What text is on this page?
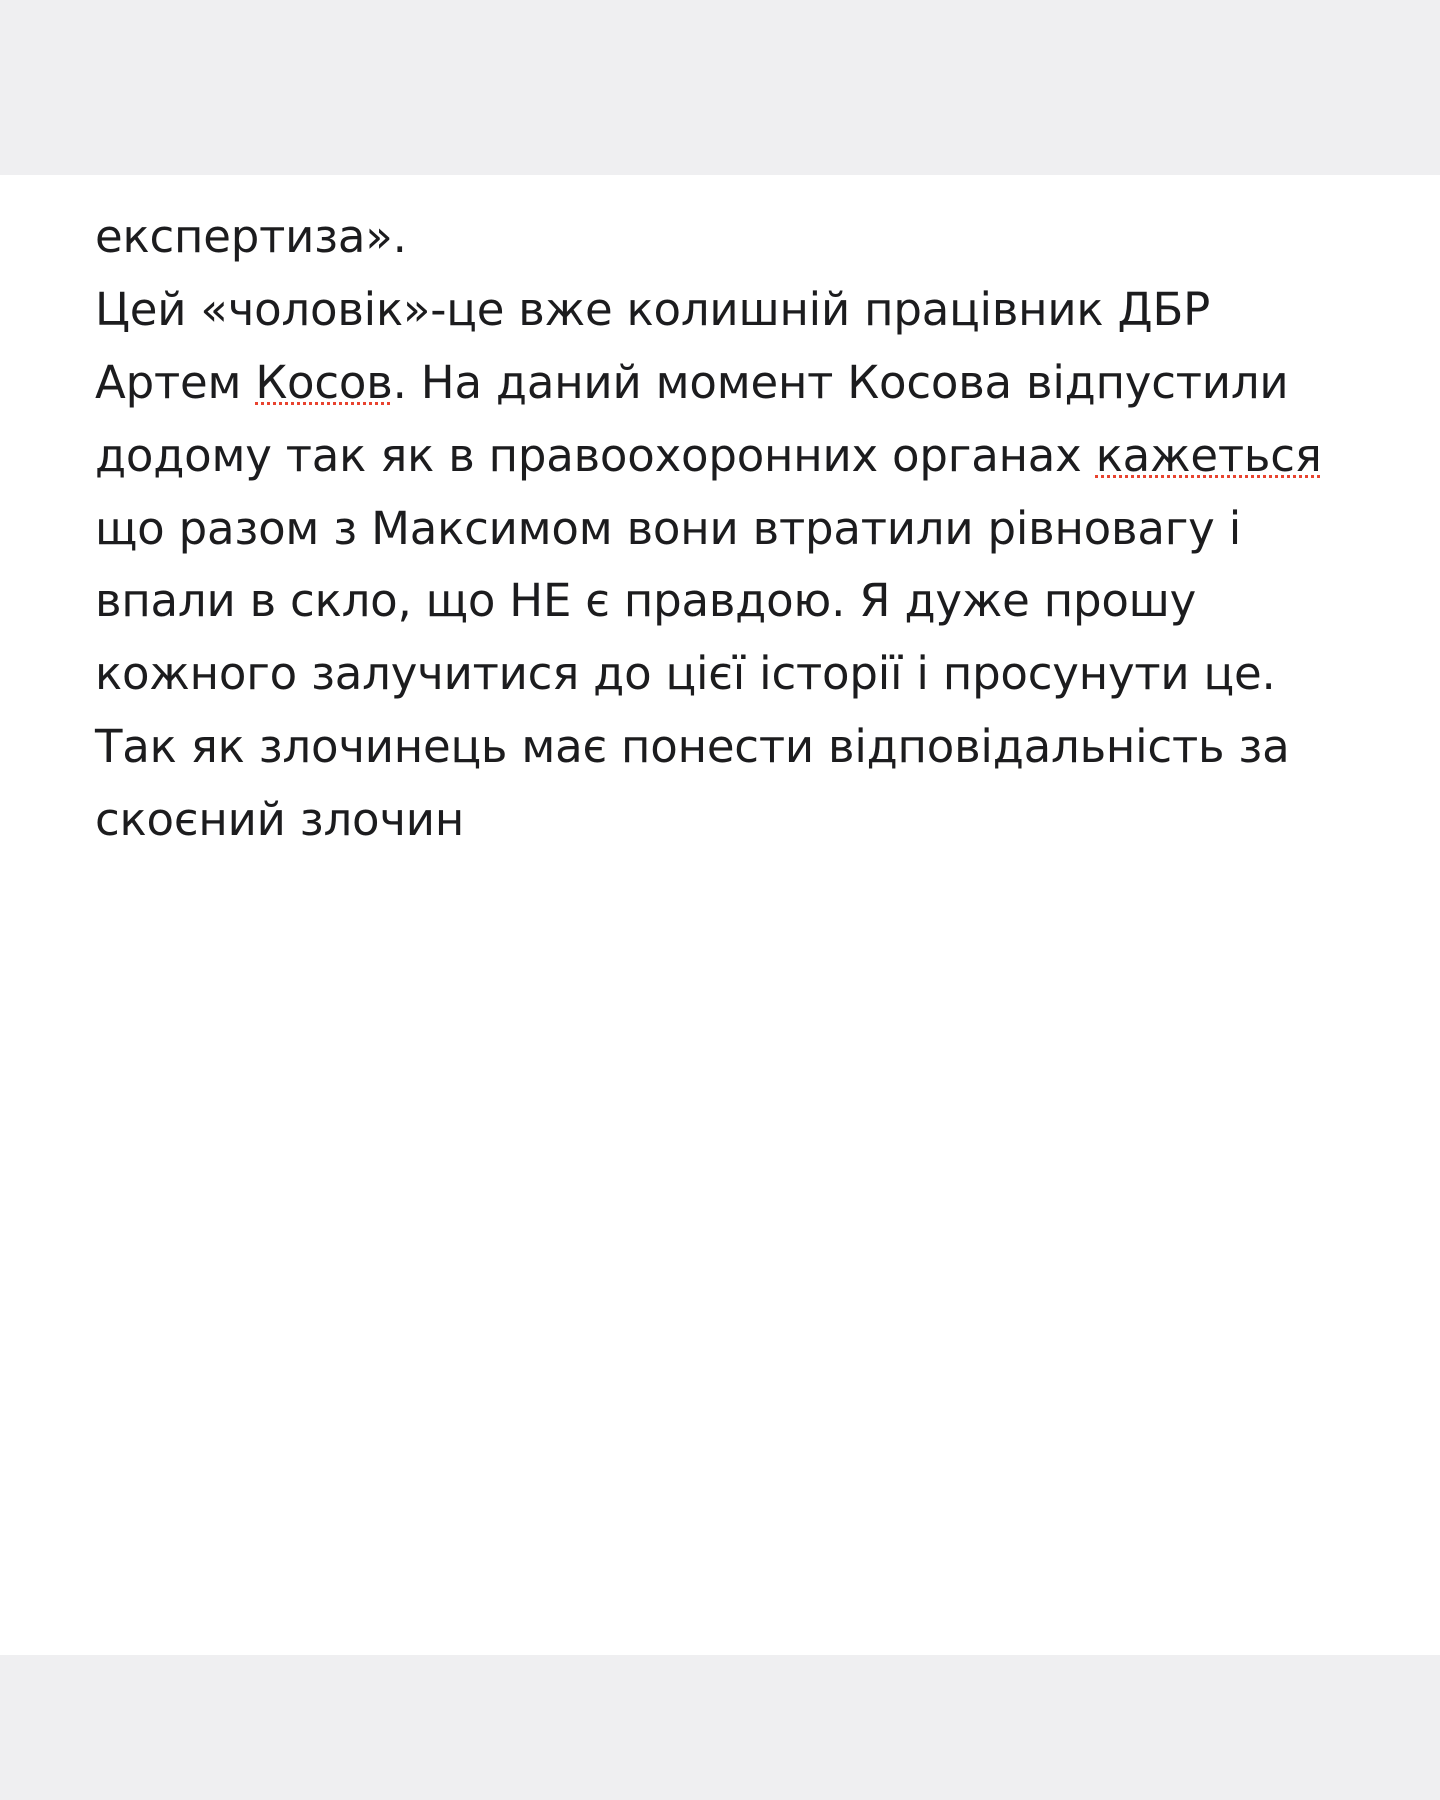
експертиза».

Цей «чоловік»-це вже колишній працівник ДБР Артем Косов. На даний момент Косова відпустили додому так як в правоохоронних органах кажеться що разом з Максимом вони втратили рівновагу і впали в скло, що НЕ є правдою. Я дуже прошу кожного залучитися до цієї історії і просунути це. Так як злочинець має понести відповідальність за скоєний злочин
